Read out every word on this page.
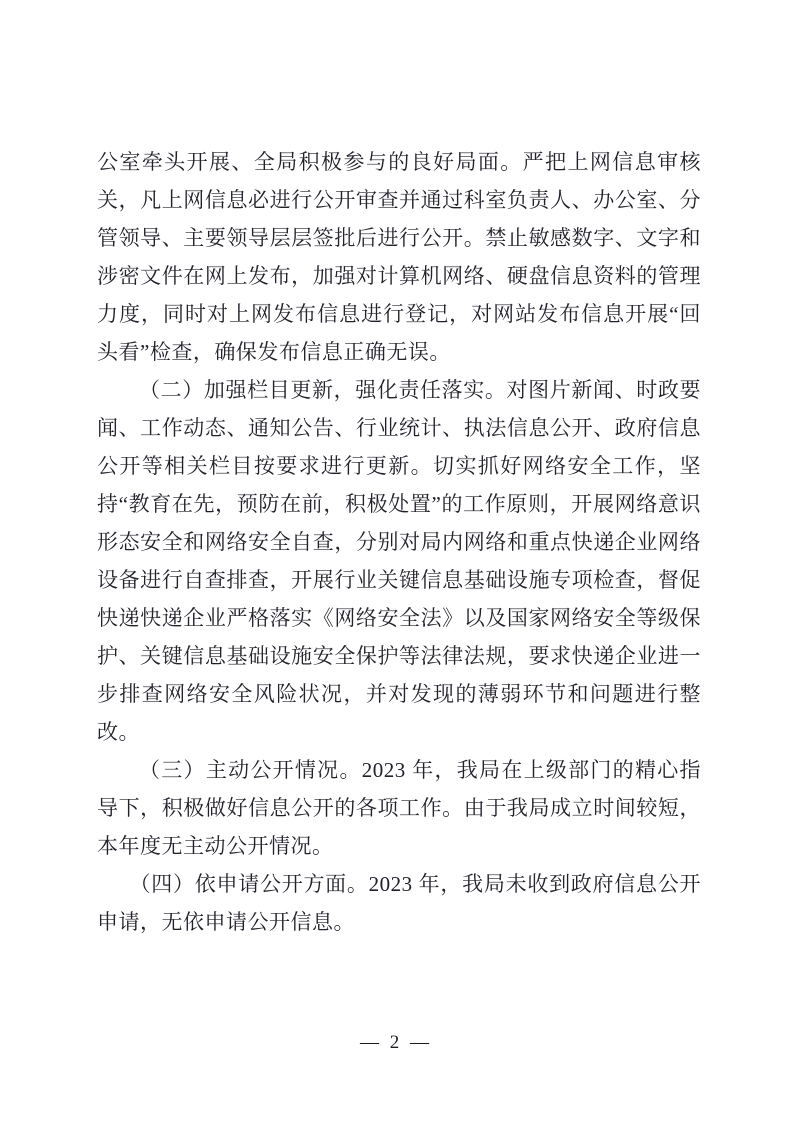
公室牵头开展、全局积极参与的良好局面。严把上网信息审核关，凡上网信息必进行公开审查并通过科室负责人、办公室、分管领导、主要领导层层签批后进行公开。禁止敏感数字、文字和涉密文件在网上发布，加强对计算机网络、硬盘信息资料的管理力度，同时对上网发布信息进行登记，对网站发布信息开展“回头看”检查，确保发布信息正确无误。

（二）加强栏目更新，强化责任落实。对图片新闻、时政要闻、工作动态、通知公告、行业统计、执法信息公开、政府信息公开等相关栏目按要求进行更新。切实抓好网络安全工作，坚持“教育在先，预防在前，积极处置”的工作原则，开展网络意识形态安全和网络安全自查，分别对局内网络和重点快递企业网络设备进行自查排查，开展行业关键信息基础设施专项检查，督促快递快递企业严格落实《网络安全法》以及国家网络安全等级保护、关键信息基础设施安全保护等法律法规，要求快递企业进一步排查网络安全风险状况，并对发现的薄弱环节和问题进行整改。

（三）主动公开情况。2023 年，我局在上级部门的精心指导下，积极做好信息公开的各项工作。由于我局成立时间较短，本年度无主动公开情况。

（四）依申请公开方面。2023 年，我局未收到政府信息公开申请，无依申请公开信息。

— 2 —
